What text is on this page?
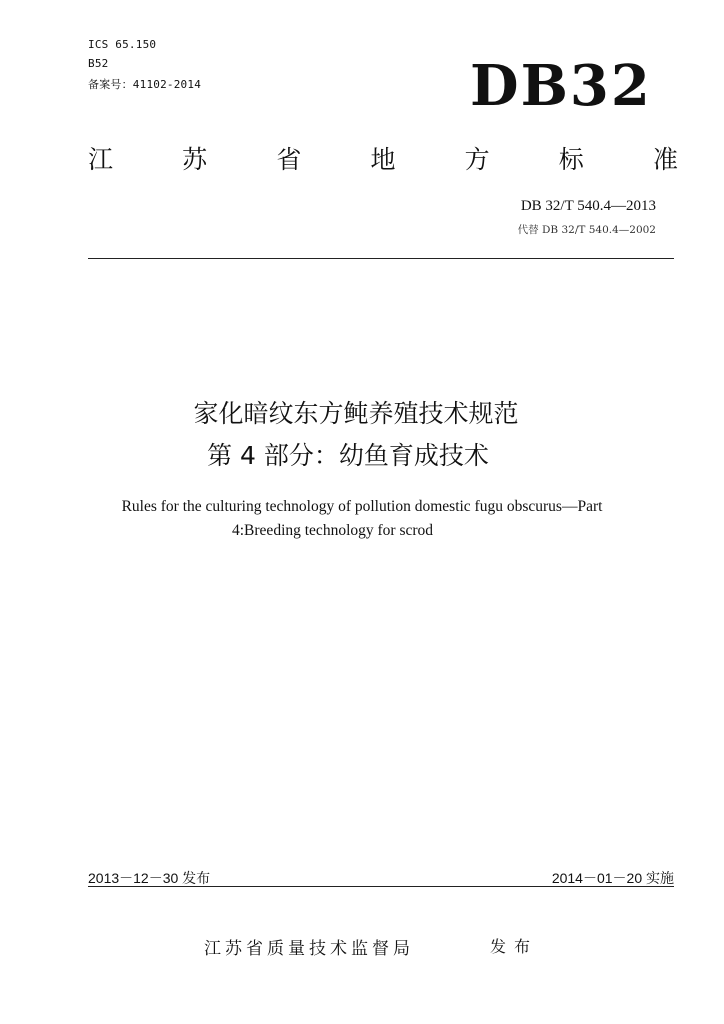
ICS 65.150
B52
备案号：41102-2014	DB32
江	苏	省	地	方	标	准
DB 32/T 540.4—2013
代替 DB 32/T 540.4—2002
家化暗纹东方鲀养殖技术规范
第 4 部分：幼鱼育成技术
Rules for the culturing technology of pollution domestic fugu obscurus—Part
4:Breeding technology for scrod
2013－12－30 发布	2014－01－20 实施
江苏省质量技术监督局	发布
